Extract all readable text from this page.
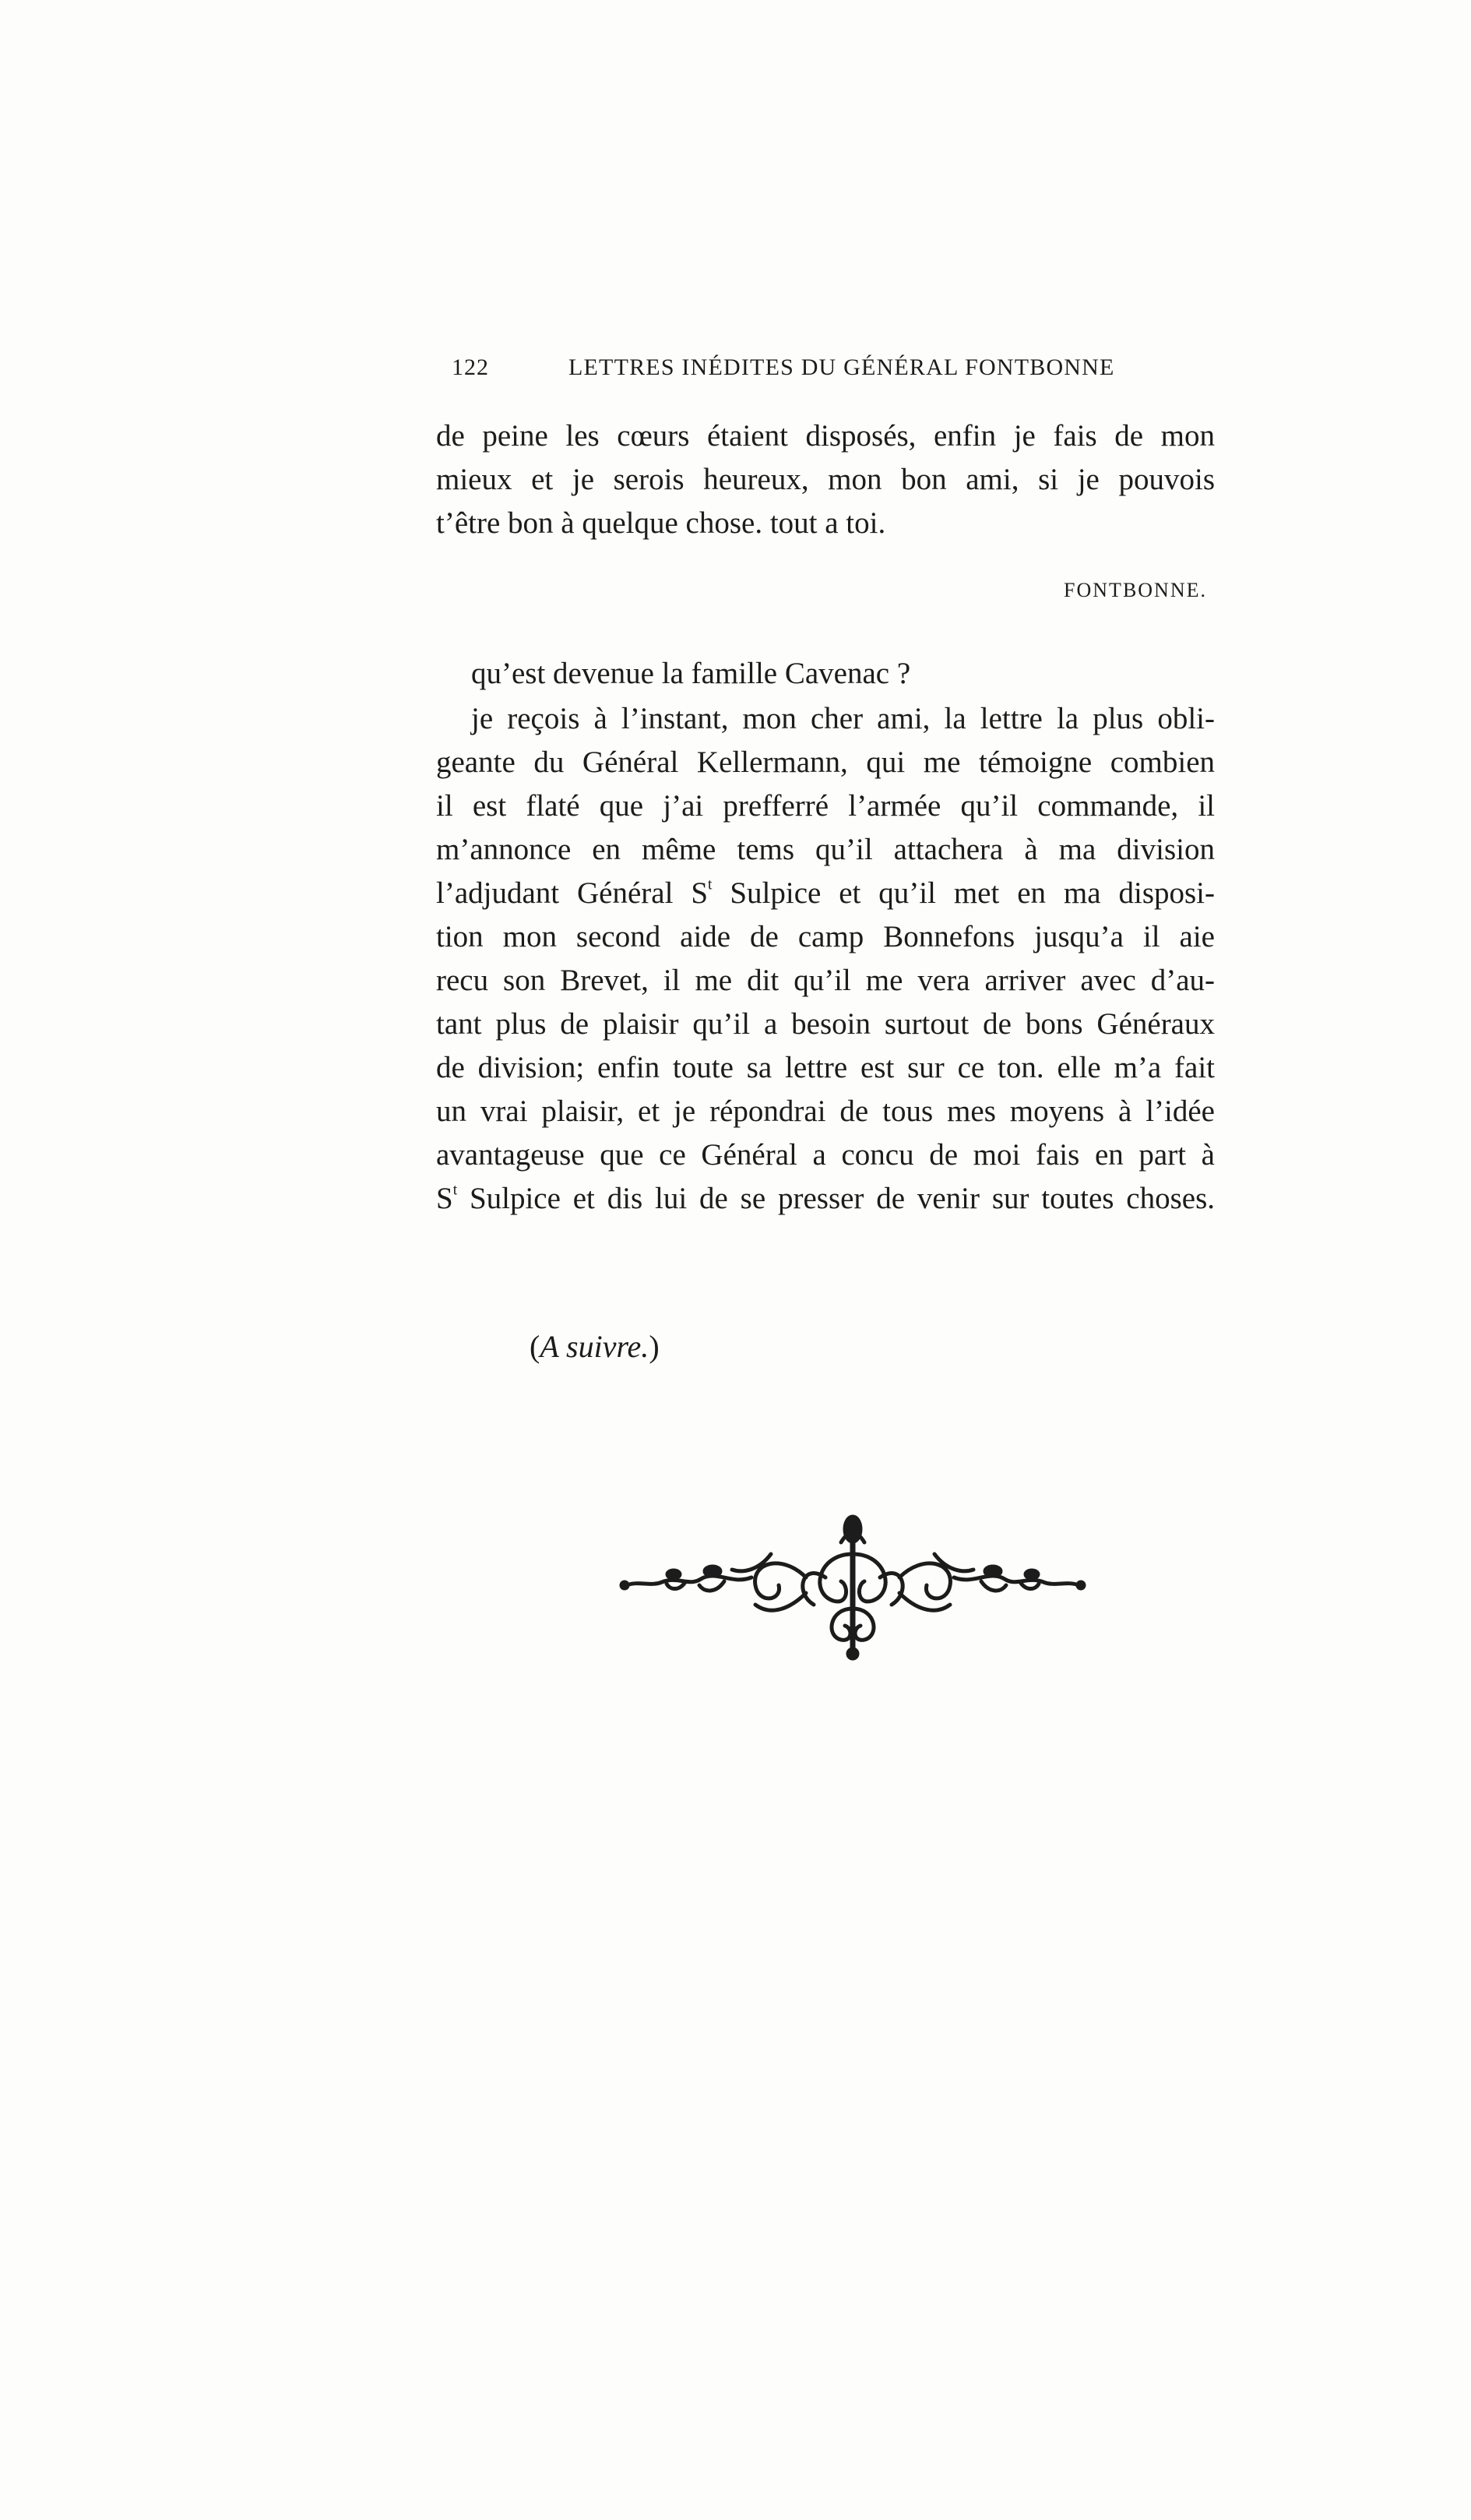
122	LETTRES INÉDITES DU GÉNÉRAL FONTBONNE
de peine les cœurs étaient disposés, enfin je fais de mon
mieux et je serois heureux, mon bon ami, si je pouvois
t’être bon à quelque chose. tout a toi.
FONTBONNE.
qu’est devenue la famille Cavenac ?
je reçois à l’instant, mon cher ami, la lettre la plus obli-
geante du Général Kellermann, qui me témoigne combien
il est flaté que j’ai prefferré l’armée qu’il commande, il
m’annonce en même tems qu’il attachera à ma division
l’adjudant Général $S^t$ Sulpice et qu’il met en ma disposi-
tion mon second aide de camp Bonnefons jusqu’a il aie
recu son Brevet, il me dit qu’il me vera arriver avec d’au-
tant plus de plaisir qu’il a besoin surtout de bons Généraux
de division; enfin toute sa lettre est sur ce ton. elle m’a fait
un vrai plaisir, et je répondrai de tous mes moyens à l’idée
avantageuse que ce Général a concu de moi fais en part à
$S^t$ Sulpice et dis lui de se presser de venir sur toutes choses.
(A suivre.)
